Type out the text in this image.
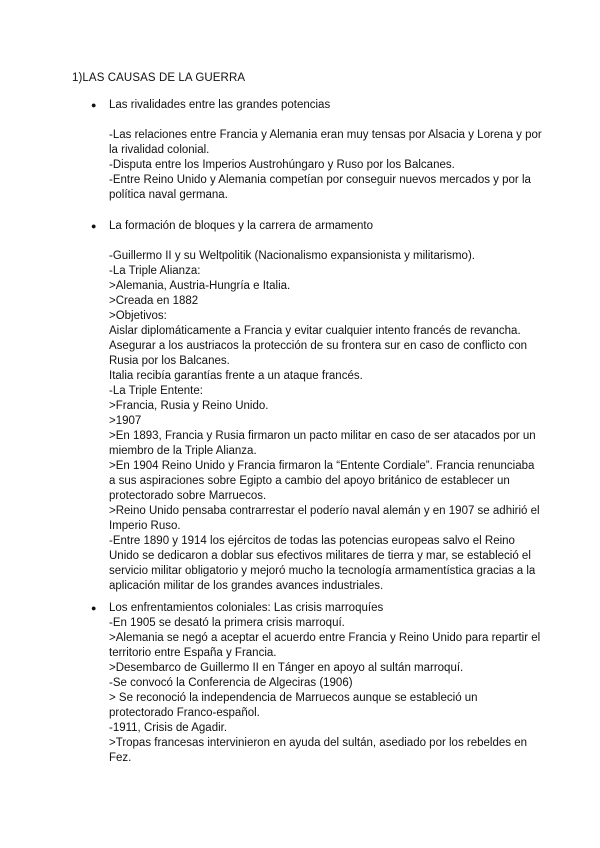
1)LAS CAUSAS DE LA GUERRA
● Las rivalidades entre las grandes potencias
-Las relaciones entre Francia y Alemania eran muy tensas por Alsacia y Lorena y por
la rivalidad colonial.
-Disputa entre los Imperios Austrohúngaro y Ruso por los Balcanes.
-Entre Reino Unido y Alemania competían por conseguir nuevos mercados y por la
política naval germana.
● La formación de bloques y la carrera de armamento
-Guillermo II y su Weltpolitik (Nacionalismo expansionista y militarismo).
-La Triple Alianza:
>Alemania, Austria-Hungría e Italia.
>Creada en 1882
>Objetivos:
Aislar diplomáticamente a Francia y evitar cualquier intento francés de revancha.
Asegurar a los austriacos la protección de su frontera sur en caso de conflicto con
Rusia por los Balcanes.
Italia recibía garantías frente a un ataque francés.
-La Triple Entente:
>Francia, Rusia y Reino Unido.
>1907
>En 1893, Francia y Rusia firmaron un pacto militar en caso de ser atacados por un
miembro de la Triple Alianza.
>En 1904 Reino Unido y Francia firmaron la “Entente Cordiale”. Francia renunciaba
a sus aspiraciones sobre Egipto a cambio del apoyo británico de establecer un
protectorado sobre Marruecos.
>Reino Unido pensaba contrarrestar el poderío naval alemán y en 1907 se adhirió el
Imperio Ruso.
-Entre 1890 y 1914 los ejércitos de todas las potencias europeas salvo el Reino
Unido se dedicaron a doblar sus efectivos militares de tierra y mar, se estableció el
servicio militar obligatorio y mejoró mucho la tecnología armamentística gracias a la
aplicación militar de los grandes avances industriales.
● Los enfrentamientos coloniales: Las crisis marroquíes
-En 1905 se desató la primera crisis marroquí.
>Alemania se negó a aceptar el acuerdo entre Francia y Reino Unido para repartir el
territorio entre España y Francia.
>Desembarco de Guillermo II en Tánger en apoyo al sultán marroquí.
-Se convocó la Conferencia de Algeciras (1906)
> Se reconoció la independencia de Marruecos aunque se estableció un
protectorado Franco-español.
-1911, Crisis de Agadir.
>Tropas francesas intervinieron en ayuda del sultán, asediado por los rebeldes en
Fez.
